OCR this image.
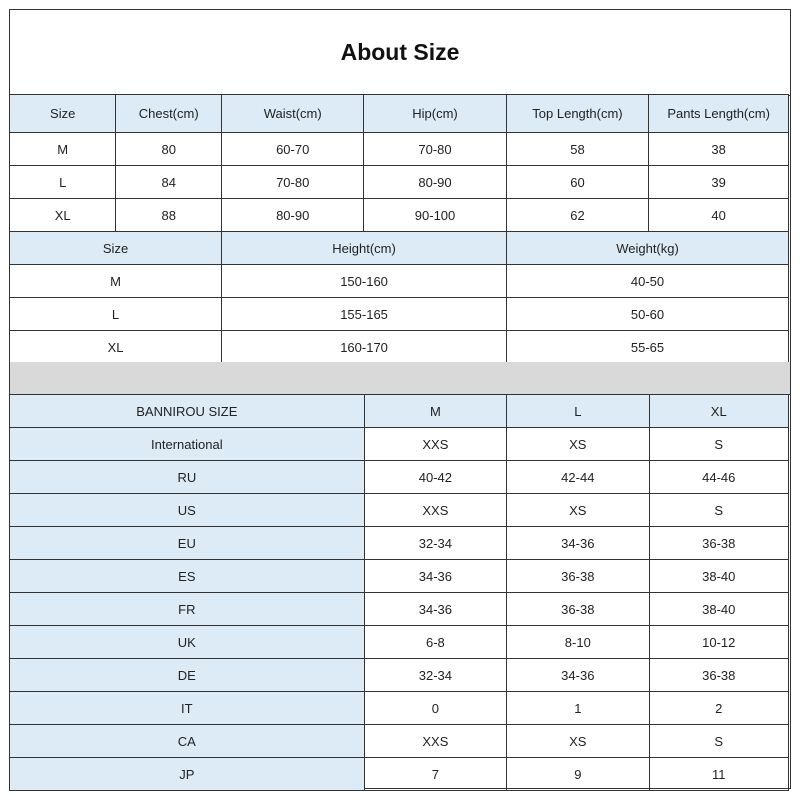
About Size
Size	Chest(cm)	Waist(cm)	Hip(cm)	Top Length(cm)	Pants Length(cm)
M	80	60-70	70-80	58	38
L	84	70-80	80-90	60	39
XL	88	80-90	90-100	62	40
Size	Height(cm)	Weight(kg)
M	150-160	40-50
L	155-165	50-60
XL	160-170	55-65
BANNIROU SIZE	M	L	XL
International	XXS	XS	S
RU	40-42	42-44	44-46
US	XXS	XS	S
EU	32-34	34-36	36-38
ES	34-36	36-38	38-40
FR	34-36	36-38	38-40
UK	6-8	8-10	10-12
DE	32-34	34-36	36-38
IT	0	1	2
CA	XXS	XS	S
JP	7	9	11
